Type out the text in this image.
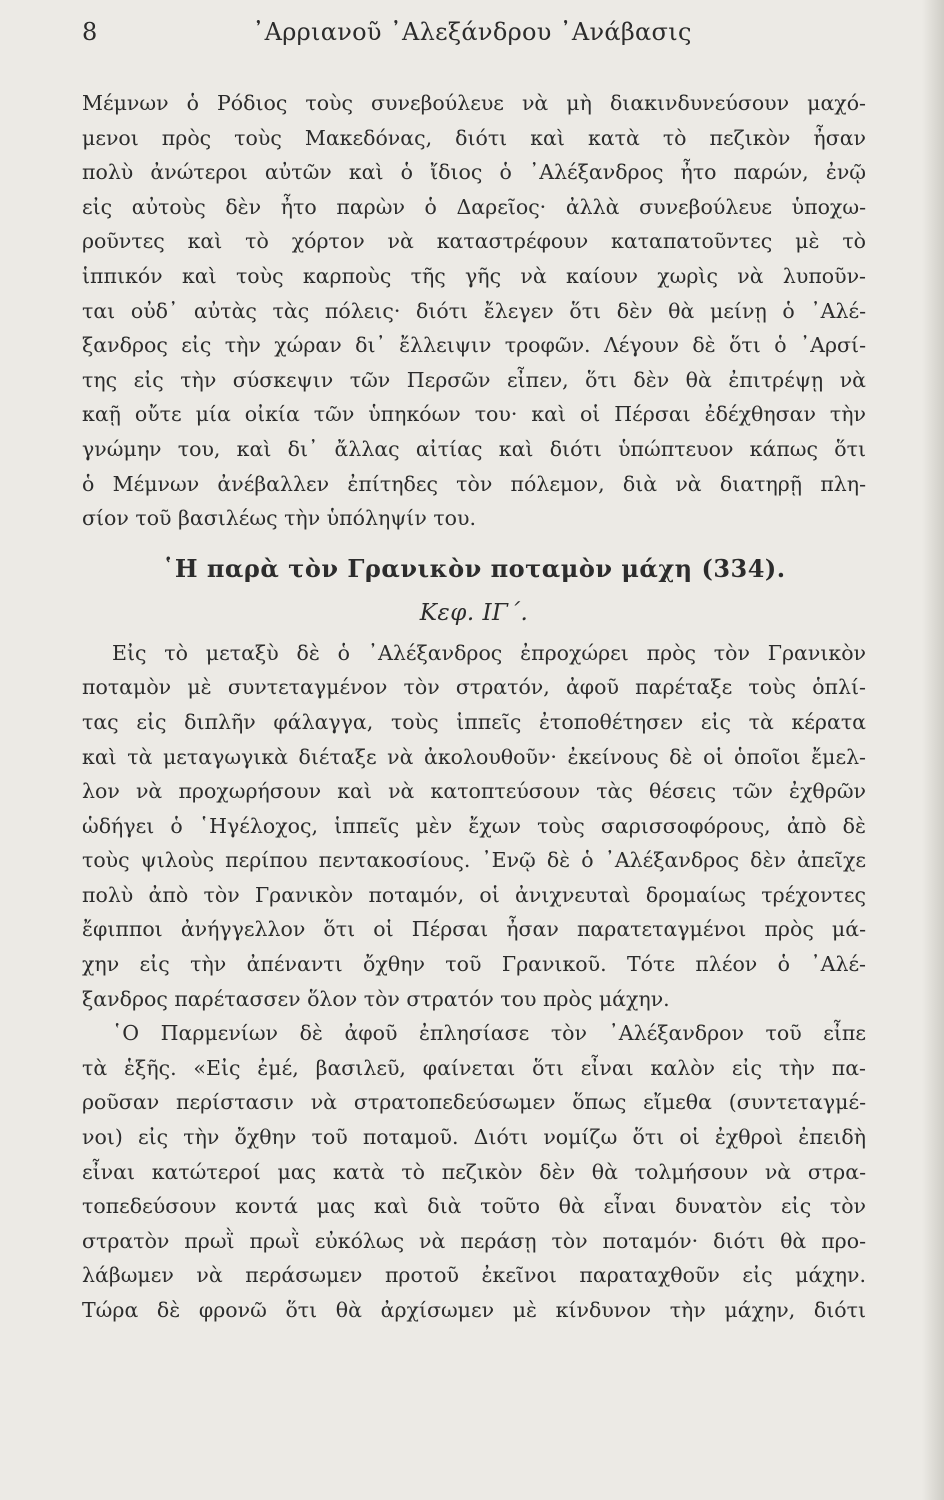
8	᾿Αρριανοῦ ᾿Αλεξάνδρου ᾿Ανάβασις
Μέμνων ὁ Ρόδιος τοὺς συνεβούλευε νὰ μὴ διακινδυνεύσουν μαχό-
μενοι πρὸς τοὺς Μακεδόνας, διότι καὶ κατὰ τὸ πεζικὸν ἦσαν
πολὺ ἀνώτεροι αὐτῶν καὶ ὁ ἴδιος ὁ ᾿Αλέξανδρος ἦτο παρών, ἐνῷ
εἰς αὐτοὺς δὲν ἦτο παρὼν ὁ Δαρεῖος· ἀλλὰ συνεβούλευε ὑποχω-
ροῦντες καὶ τὸ χόρτον νὰ καταστρέφουν καταπατοῦντες μὲ τὸ
ἱππικόν καὶ τοὺς καρποὺς τῆς γῆς νὰ καίουν χωρὶς νὰ λυποῦν-
ται οὐδ᾿ αὐτὰς τὰς πόλεις· διότι ἔλεγεν ὅτι δὲν θὰ μείνῃ ὁ ᾿Αλέ-
ξανδρος εἰς τὴν χώραν δι᾿ ἔλλειψιν τροφῶν. Λέγουν δὲ ὅτι ὁ ᾿Αρσί-
της εἰς τὴν σύσκεψιν τῶν Περσῶν εἶπεν, ὅτι δὲν θὰ ἐπιτρέψῃ νὰ
καῇ οὔτε μία οἰκία τῶν ὑπηκόων του· καὶ οἱ Πέρσαι ἐδέχθησαν τὴν
γνώμην του, καὶ δι᾿ ἄλλας αἰτίας καὶ διότι ὑπώπτευον κάπως ὅτι
ὁ Μέμνων ἀνέβαλλεν ἐπίτηδες τὸν πόλεμον, διὰ νὰ διατηρῇ πλη-
σίον τοῦ βασιλέως τὴν ὑπόληψίν του.
῾Η παρὰ τὸν Γρανικὸν ποταμὸν μάχη (334).
Κεφ. ΙΓ΄.
Εἰς τὸ μεταξὺ δὲ ὁ ᾿Αλέξανδρος ἐπροχώρει πρὸς τὸν Γρανικὸν
ποταμὸν μὲ συντεταγμένον τὸν στρατόν, ἀφοῦ παρέταξε τοὺς ὁπλί-
τας εἰς διπλῆν φάλαγγα, τοὺς ἱππεῖς ἐτοποθέτησεν εἰς τὰ κέρατα
καὶ τὰ μεταγωγικὰ διέταξε νὰ ἀκολουθοῦν· ἐκείνους δὲ οἱ ὁποῖοι ἔμελ-
λον νὰ προχωρήσουν καὶ νὰ κατοπτεύσουν τὰς θέσεις τῶν ἐχθρῶν
ὡδήγει ὁ ῾Ηγέλοχος, ἱππεῖς μὲν ἔχων τοὺς σαρισσοφόρους, ἀπὸ δὲ
τοὺς ψιλοὺς περίπου πεντακοσίους. ᾿Ενῷ δὲ ὁ ᾿Αλέξανδρος δὲν ἀπεῖχε
πολὺ ἀπὸ τὸν Γρανικὸν ποταμόν, οἱ ἀνιχνευταὶ δρομαίως τρέχοντες
ἔφιπποι ἀνήγγελλον ὅτι οἱ Πέρσαι ἦσαν παρατεταγμένοι πρὸς μά-
χην εἰς τὴν ἀπέναντι ὄχθην τοῦ Γρανικοῦ. Τότε πλέον ὁ ᾿Αλέ-
ξανδρος παρέτασσεν ὅλον τὸν στρατόν του πρὸς μάχην.
῾Ο Παρμενίων δὲ ἀφοῦ ἐπλησίασε τὸν ᾿Αλέξανδρον τοῦ εἶπε
τὰ ἑξῆς. «Εἰς ἐμέ, βασιλεῦ, φαίνεται ὅτι εἶναι καλὸν εἰς τὴν πα-
ροῦσαν περίστασιν νὰ στρατοπεδεύσωμεν ὅπως εἴμεθα (συντεταγμέ-
νοι) εἰς τὴν ὄχθην τοῦ ποταμοῦ. Διότι νομίζω ὅτι οἱ ἐχθροὶ ἐπειδὴ
εἶναι κατώτεροί μας κατὰ τὸ πεζικὸν δὲν θὰ τολμήσουν νὰ στρα-
τοπεδεύσουν κοντά μας καὶ διὰ τοῦτο θὰ εἶναι δυνατὸν εἰς τὸν
στρατὸν πρωῒ πρωῒ εὐκόλως νὰ περάσῃ τὸν ποταμόν· διότι θὰ προ-
λάβωμεν νὰ περάσωμεν προτοῦ ἐκεῖνοι παραταχθοῦν εἰς μάχην.
Τώρα δὲ φρονῶ ὅτι θὰ ἀρχίσωμεν μὲ κίνδυνον τὴν μάχην, διότι
